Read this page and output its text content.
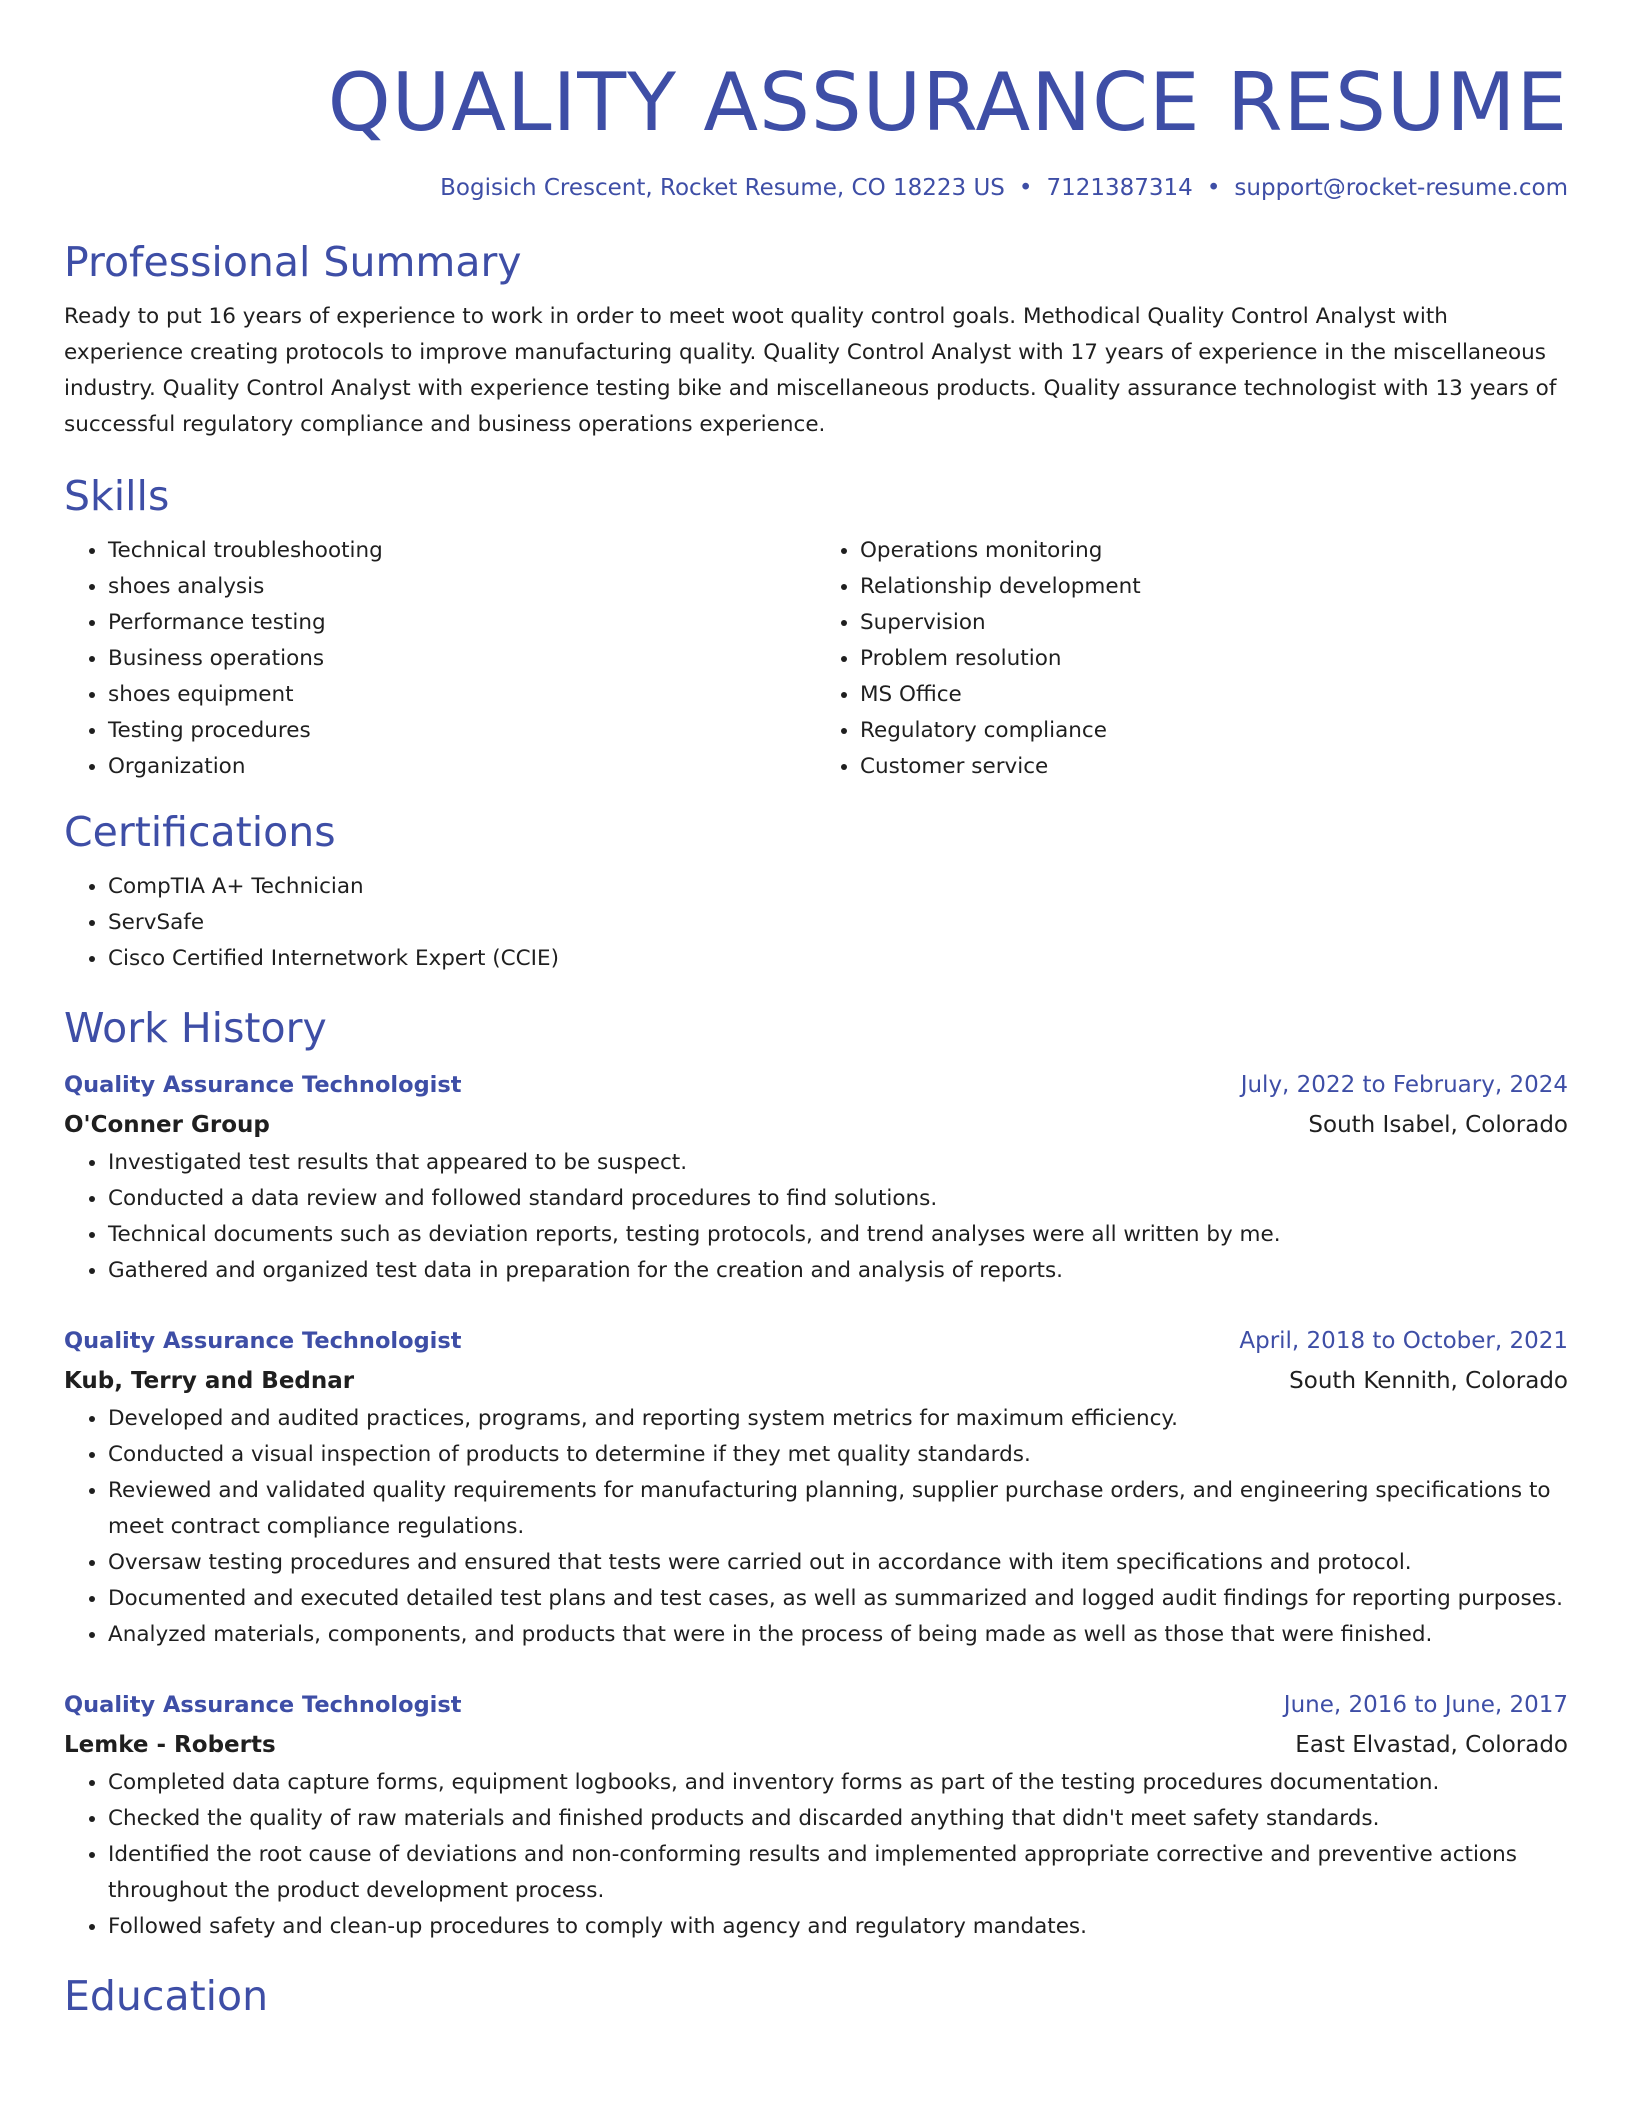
QUALITY ASSURANCE RESUME
Bogisich Crescent, Rocket Resume, CO 18223 US • 7121387314 • support@rocket-resume.com
Professional Summary
Ready to put 16 years of experience to work in order to meet woot quality control goals. Methodical Quality Control Analyst with experience creating protocols to improve manufacturing quality. Quality Control Analyst with 17 years of experience in the miscellaneous industry. Quality Control Analyst with experience testing bike and miscellaneous products. Quality assurance technologist with 13 years of successful regulatory compliance and business operations experience.
Skills
• Technical troubleshooting
• shoes analysis
• Performance testing
• Business operations
• shoes equipment
• Testing procedures
• Organization
• Operations monitoring
• Relationship development
• Supervision
• Problem resolution
• MS Office
• Regulatory compliance
• Customer service
Certifications
• CompTIA A+ Technician
• ServSafe
• Cisco Certified Internetwork Expert (CCIE)
Work History
Quality Assurance Technologist	July, 2022 to February, 2024
O'Conner Group	South Isabel, Colorado
• Investigated test results that appeared to be suspect.
• Conducted a data review and followed standard procedures to find solutions.
• Technical documents such as deviation reports, testing protocols, and trend analyses were all written by me.
• Gathered and organized test data in preparation for the creation and analysis of reports.
Quality Assurance Technologist	April, 2018 to October, 2021
Kub, Terry and Bednar	South Kennith, Colorado
• Developed and audited practices, programs, and reporting system metrics for maximum efficiency.
• Conducted a visual inspection of products to determine if they met quality standards.
• Reviewed and validated quality requirements for manufacturing planning, supplier purchase orders, and engineering specifications to meet contract compliance regulations.
• Oversaw testing procedures and ensured that tests were carried out in accordance with item specifications and protocol.
• Documented and executed detailed test plans and test cases, as well as summarized and logged audit findings for reporting purposes.
• Analyzed materials, components, and products that were in the process of being made as well as those that were finished.
Quality Assurance Technologist	June, 2016 to June, 2017
Lemke - Roberts	East Elvastad, Colorado
• Completed data capture forms, equipment logbooks, and inventory forms as part of the testing procedures documentation.
• Checked the quality of raw materials and finished products and discarded anything that didn't meet safety standards.
• Identified the root cause of deviations and non-conforming results and implemented appropriate corrective and preventive actions throughout the product development process.
• Followed safety and clean-up procedures to comply with agency and regulatory mandates.
Education
